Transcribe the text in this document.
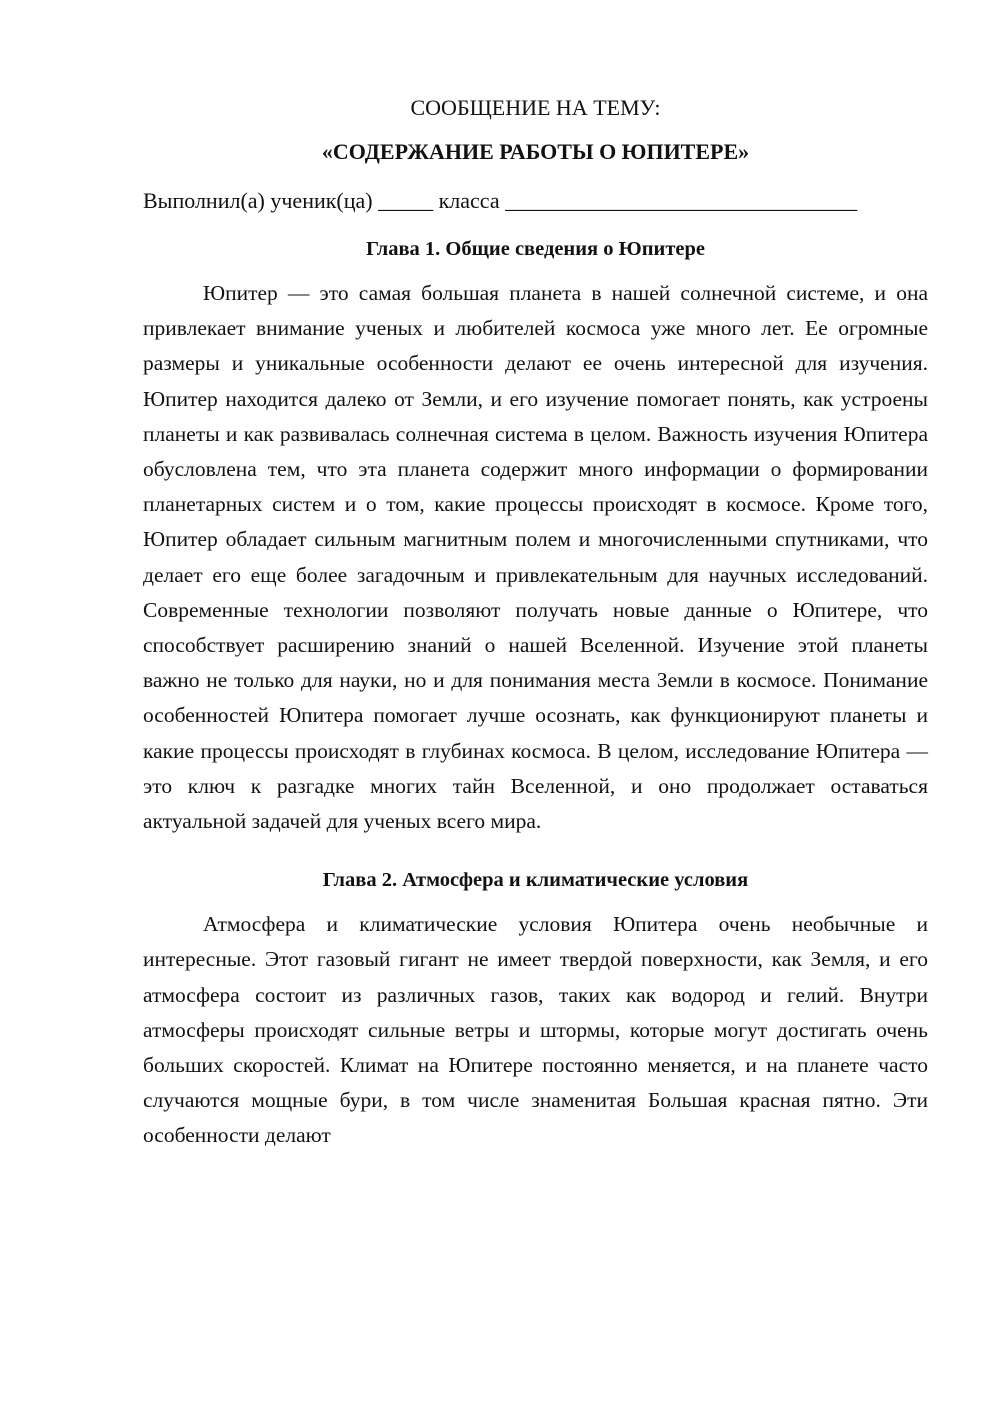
СООБЩЕНИЕ НА ТЕМУ:

«СОДЕРЖАНИЕ РАБОТЫ О ЮПИТЕРЕ»

Выполнил(а) ученик(ца) _____ класса ________________________________

Глава 1. Общие сведения о Юпитере

Юпитер — это самая большая планета в нашей солнечной системе, и она привлекает внимание ученых и любителей космоса уже много лет. Ее огромные размеры и уникальные особенности делают ее очень интересной для изучения. Юпитер находится далеко от Земли, и его изучение помогает понять, как устроены планеты и как развивалась солнечная система в целом. Важность изучения Юпитера обусловлена тем, что эта планета содержит много информации о формировании планетарных систем и о том, какие процессы происходят в космосе. Кроме того, Юпитер обладает сильным магнитным полем и многочисленными спутниками, что делает его еще более загадочным и привлекательным для научных исследований. Современные технологии позволяют получать новые данные о Юпитере, что способствует расширению знаний о нашей Вселенной. Изучение этой планеты важно не только для науки, но и для понимания места Земли в космосе. Понимание особенностей Юпитера помогает лучше осознать, как функционируют планеты и какие процессы происходят в глубинах космоса. В целом, исследование Юпитера — это ключ к разгадке многих тайн Вселенной, и оно продолжает оставаться актуальной задачей для ученых всего мира.

Глава 2. Атмосфера и климатические условия

Атмосфера и климатические условия Юпитера очень необычные и интересные. Этот газовый гигант не имеет твердой поверхности, как Земля, и его атмосфера состоит из различных газов, таких как водород и гелий. Внутри атмосферы происходят сильные ветры и штормы, которые могут достигать очень больших скоростей. Климат на Юпитере постоянно меняется, и на планете часто случаются мощные бури, в том числе знаменитая Большая красная пятно. Эти особенности делают
